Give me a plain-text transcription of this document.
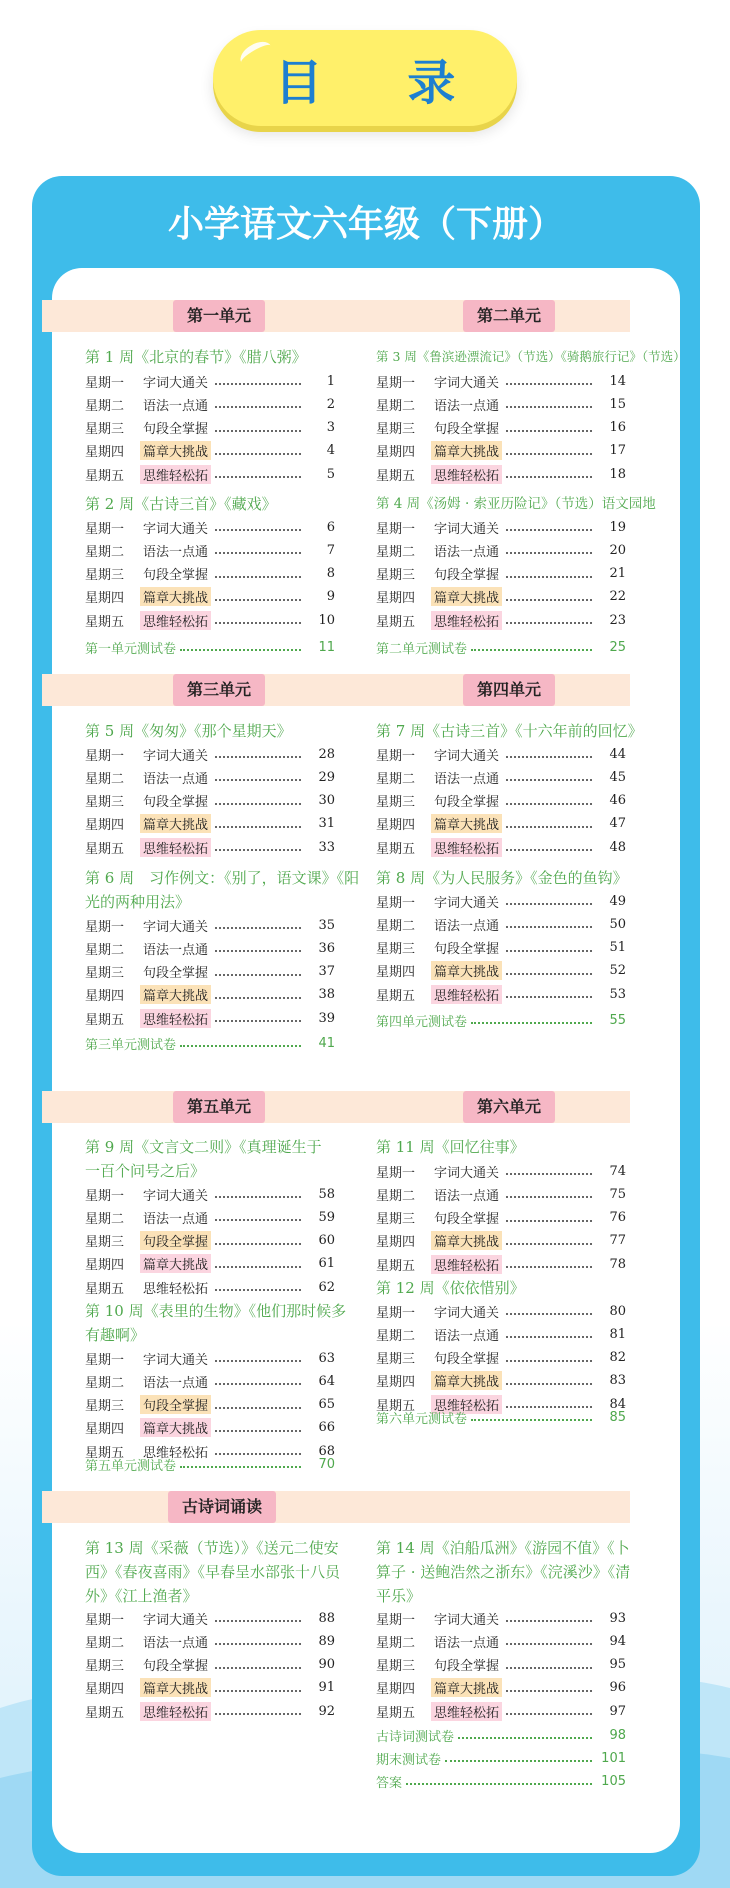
目 录
小学语文六年级（下册）
第一单元	第二单元
第三单元	第四单元
第五单元	第六单元
古诗词诵读
第 1 周《北京的春节》《腊八粥》
星期一	字词大通关	1
星期二	语法一点通	2
星期三	句段全掌握	3
星期四	篇章大挑战	4
星期五	思维轻松拓	5
第 2 周《古诗三首》《藏戏》
星期一	字词大通关	6
星期二	语法一点通	7
星期三	句段全掌握	8
星期四	篇章大挑战	9
星期五	思维轻松拓	10
第 3 周《鲁滨逊漂流记》（节选）《骑鹅旅行记》（节选）
星期一	字词大通关	14
星期二	语法一点通	15
星期三	句段全掌握	16
星期四	篇章大挑战	17
星期五	思维轻松拓	18
第 4 周《汤姆 · 索亚历险记》（节选）语文园地
星期一	字词大通关	19
星期二	语法一点通	20
星期三	句段全掌握	21
星期四	篇章大挑战	22
星期五	思维轻松拓	23
第 5 周《匆匆》《那个星期天》
星期一	字词大通关	28
星期二	语法一点通	29
星期三	句段全掌握	30
星期四	篇章大挑战	31
星期五	思维轻松拓	33
第 6 周　习作例文：《别了，语文课》《阳
光的两种用法》
星期一	字词大通关	35
星期二	语法一点通	36
星期三	句段全掌握	37
星期四	篇章大挑战	38
星期五	思维轻松拓	39
第 7 周《古诗三首》《十六年前的回忆》
星期一	字词大通关	44
星期二	语法一点通	45
星期三	句段全掌握	46
星期四	篇章大挑战	47
星期五	思维轻松拓	48
第 8 周《为人民服务》《金色的鱼钩》
星期一	字词大通关	49
星期二	语法一点通	50
星期三	句段全掌握	51
星期四	篇章大挑战	52
星期五	思维轻松拓	53
第 9 周《文言文二则》《真理诞生于
一百个问号之后》
星期一	字词大通关	58
星期二	语法一点通	59
星期三	句段全掌握	60
星期四	篇章大挑战	61
星期五	思维轻松拓	62
第 10 周《表里的生物》《他们那时候多
有趣啊》
星期一	字词大通关	63
星期二	语法一点通	64
星期三	句段全掌握	65
星期四	篇章大挑战	66
星期五	思维轻松拓	68
第 11 周《回忆往事》
星期一	字词大通关	74
星期二	语法一点通	75
星期三	句段全掌握	76
星期四	篇章大挑战	77
星期五	思维轻松拓	78
第 12 周《依依惜别》
星期一	字词大通关	80
星期二	语法一点通	81
星期三	句段全掌握	82
星期四	篇章大挑战	83
星期五	思维轻松拓	84
第 13 周《采薇（节选）》《送元二使安
西》《春夜喜雨》《早春呈水部张十八员
外》《江上渔者》
星期一	字词大通关	88
星期二	语法一点通	89
星期三	句段全掌握	90
星期四	篇章大挑战	91
星期五	思维轻松拓	92
第 14 周《泊船瓜洲》《游园不值》《卜
算子 · 送鲍浩然之浙东》《浣溪沙》《清
平乐》
星期一	字词大通关	93
星期二	语法一点通	94
星期三	句段全掌握	95
星期四	篇章大挑战	96
星期五	思维轻松拓	97
第一单元测试卷	11	第二单元测试卷	25
第三单元测试卷	41
第四单元测试卷	55
第五单元测试卷	70
第六单元测试卷	85
古诗词测试卷	98
期末测试卷	101
答案	105
